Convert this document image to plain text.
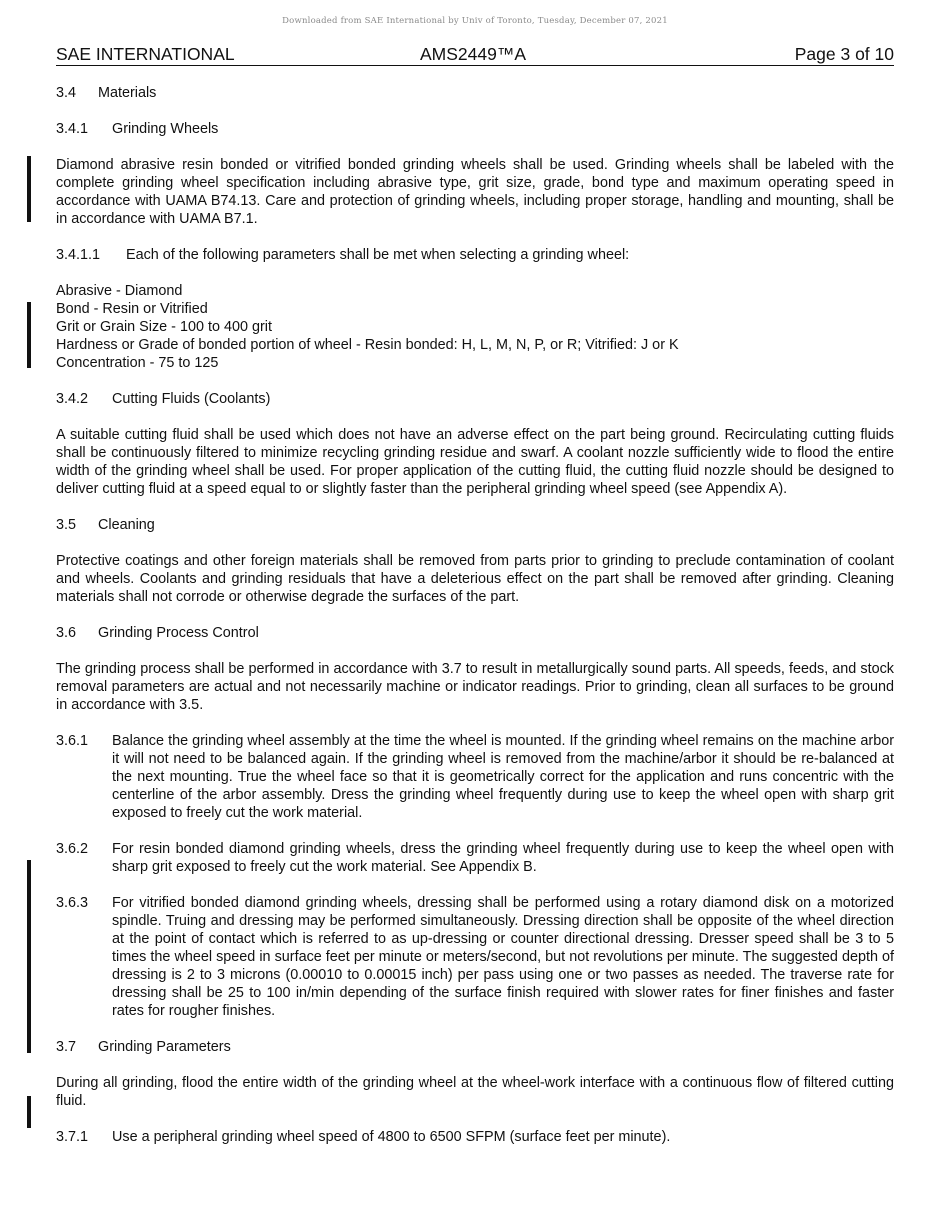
Downloaded from SAE International by Univ of Toronto, Tuesday, December 07, 2021
SAE INTERNATIONAL	AMS2449™A	Page 3 of 10
3.4 Materials
3.4.1 Grinding Wheels

Diamond abrasive resin bonded or vitrified bonded grinding wheels shall be used. Grinding wheels shall be labeled with the complete grinding wheel specification including abrasive type, grit size, grade, bond type and maximum operating speed in accordance with UAMA B74.13. Care and protection of grinding wheels, including proper storage, handling and mounting, shall be in accordance with UAMA B7.1.

3.4.1.1 Each of the following parameters shall be met when selecting a grinding wheel:
Abrasive - Diamond
Bond - Resin or Vitrified
Grit or Grain Size - 100 to 400 grit
Hardness or Grade of bonded portion of wheel - Resin bonded: H, L, M, N, P, or R; Vitrified: J or K
Concentration - 75 to 125
3.4.2 Cutting Fluids (Coolants)

A suitable cutting fluid shall be used which does not have an adverse effect on the part being ground. Recirculating cutting fluids shall be continuously filtered to minimize recycling grinding residue and swarf. A coolant nozzle sufficiently wide to flood the entire width of the grinding wheel shall be used. For proper application of the cutting fluid, the cutting fluid nozzle should be designed to deliver cutting fluid at a speed equal to or slightly faster than the peripheral grinding wheel speed (see Appendix A).

3.5 Cleaning

Protective coatings and other foreign materials shall be removed from parts prior to grinding to preclude contamination of coolant and wheels. Coolants and grinding residuals that have a deleterious effect on the part shall be removed after grinding. Cleaning materials shall not corrode or otherwise degrade the surfaces of the part.

3.6 Grinding Process Control

The grinding process shall be performed in accordance with 3.7 to result in metallurgically sound parts. All speeds, feeds, and stock removal parameters are actual and not necessarily machine or indicator readings. Prior to grinding, clean all surfaces to be ground in accordance with 3.5.

3.6.1	Balance the grinding wheel assembly at the time the wheel is mounted. If the grinding wheel remains on the machine arbor it will not need to be balanced again. If the grinding wheel is removed from the machine/arbor it should be re-balanced at the next mounting. True the wheel face so that it is geometrically correct for the application and runs concentric with the centerline of the arbor assembly. Dress the grinding wheel frequently during use to keep the wheel open with sharp grit exposed to freely cut the work material.
3.6.2	For resin bonded diamond grinding wheels, dress the grinding wheel frequently during use to keep the wheel open with sharp grit exposed to freely cut the work material. See Appendix B.
3.6.3	For vitrified bonded diamond grinding wheels, dressing shall be performed using a rotary diamond disk on a motorized spindle. Truing and dressing may be performed simultaneously. Dressing direction shall be opposite of the wheel direction at the point of contact which is referred to as up-dressing or counter directional dressing. Dresser speed shall be 3 to 5 times the wheel speed in surface feet per minute or meters/second, but not revolutions per minute. The suggested depth of dressing is 2 to 3 microns (0.00010 to 0.00015 inch) per pass using one or two passes as needed. The traverse rate for dressing shall be 25 to 100 in/min depending of the surface finish required with slower rates for finer finishes and faster rates for rougher finishes.
3.7 Grinding Parameters

During all grinding, flood the entire width of the grinding wheel at the wheel-work interface with a continuous flow of filtered cutting fluid.

3.7.1	Use a peripheral grinding wheel speed of 4800 to 6500 SFPM (surface feet per minute).
